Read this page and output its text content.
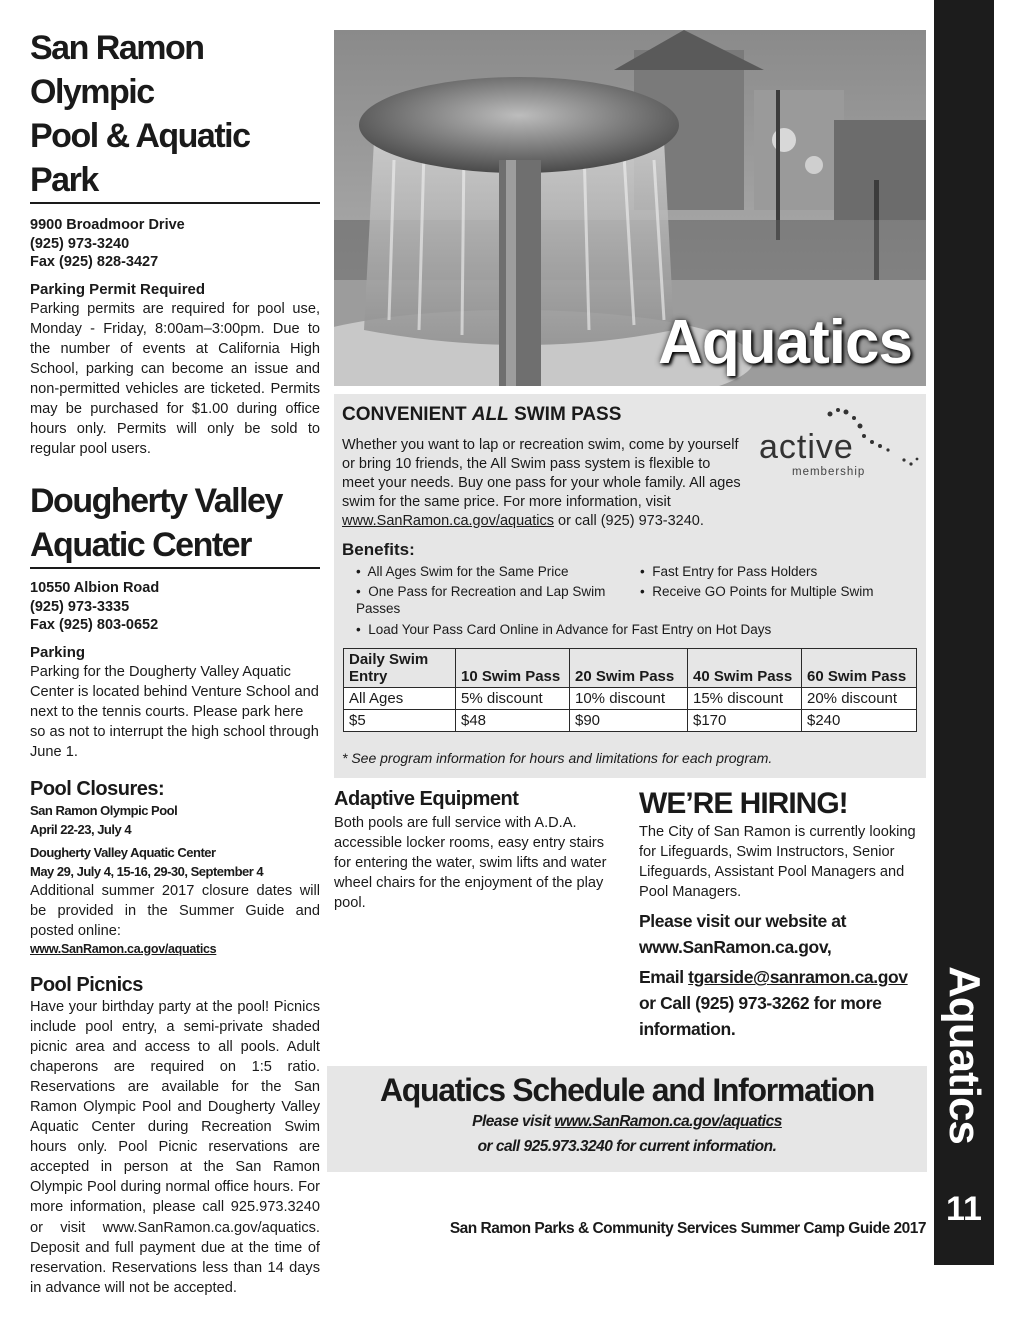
Aquatics
11
San Ramon Olympic
Pool & Aquatic Park
9900 Broadmoor Drive
(925) 973-3240
Fax (925) 828-3427
Parking Permit Required
Parking permits are required for pool use, Monday - Friday, 8:00am–3:00pm. Due to the number of events at California High School, parking can become an issue and non-permitted vehicles are ticketed. Permits may be purchased for $1.00 during office hours only. Permits will only be sold to regular pool users.
Dougherty Valley
Aquatic Center
10550 Albion Road
(925) 973-3335
Fax (925) 803-0652
Parking
Parking for the Dougherty Valley Aquatic Center is located behind Venture School and next to the tennis courts. Please park here so as not to interrupt the high school through June 1.
Pool Closures:
San Ramon Olympic Pool
April 22-23, July 4
Dougherty Valley Aquatic Center
May 29, July 4, 15-16, 29-30, September 4
Additional summer 2017 closure dates will be provided in the Summer Guide and posted online:
www.SanRamon.ca.gov/aquatics
Pool Picnics
Have your birthday party at the pool! Picnics include pool entry, a semi-private shaded picnic area and access to all pools. Adult chaperons are required on 1:5 ratio. Reservations are available for the San Ramon Olympic Pool and Dougherty Valley Aquatic Center during Recreation Swim hours only. Pool Picnic reservations are accepted in person at the San Ramon Olympic Pool during normal office hours. For more information, please call 925.973.3240 or visit www.SanRamon.ca.gov/aquatics. Deposit and full payment due at the time of reservation. Reservations less than 14 days in advance will not be accepted.
Aquatics
CONVENIENT ALL SWIM PASS
Whether you want to lap or recreation swim, come by yourself or bring 10 friends, the All Swim pass system is flexible to meet your needs. Buy one pass for your whole family. All ages swim for the same price. For more information, visit www.SanRamon.ca.gov/aquatics or call (925) 973-3240.
active
membership
Benefits:
•  All Ages Swim for the Same Price	•  Fast Entry for Pass Holders
•  One Pass for Recreation and Lap Swim Passes
•  Receive GO Points for Multiple Swim
•  Load Your Pass Card Online in Advance for Fast Entry on Hot Days
Daily Swim Entry	10 Swim Pass	20 Swim Pass	40 Swim Pass	60 Swim Pass
All Ages	5% discount	10% discount	15% discount	20% discount
$5	$48	$90	$170	$240
* See program information for hours and limitations for each program.
Adaptive Equipment
Both pools are full service with A.D.A. accessible locker rooms, easy entry stairs for entering the water, swim lifts and water wheel chairs for the enjoyment of the play pool.
WE’RE HIRING!
The City of San Ramon is currently looking for Lifeguards, Swim Instructors, Senior Lifeguards, Assistant Pool Managers and Pool Managers.
Please visit our website at
www.SanRamon.ca.gov,
Email tgarside@sanramon.ca.gov
or Call (925) 973-3262 for more
information.
Aquatics Schedule and Information
Please visit www.SanRamon.ca.gov/aquatics
or call 925.973.3240 for current information.
San Ramon Parks & Community Services Summer Camp Guide 2017
